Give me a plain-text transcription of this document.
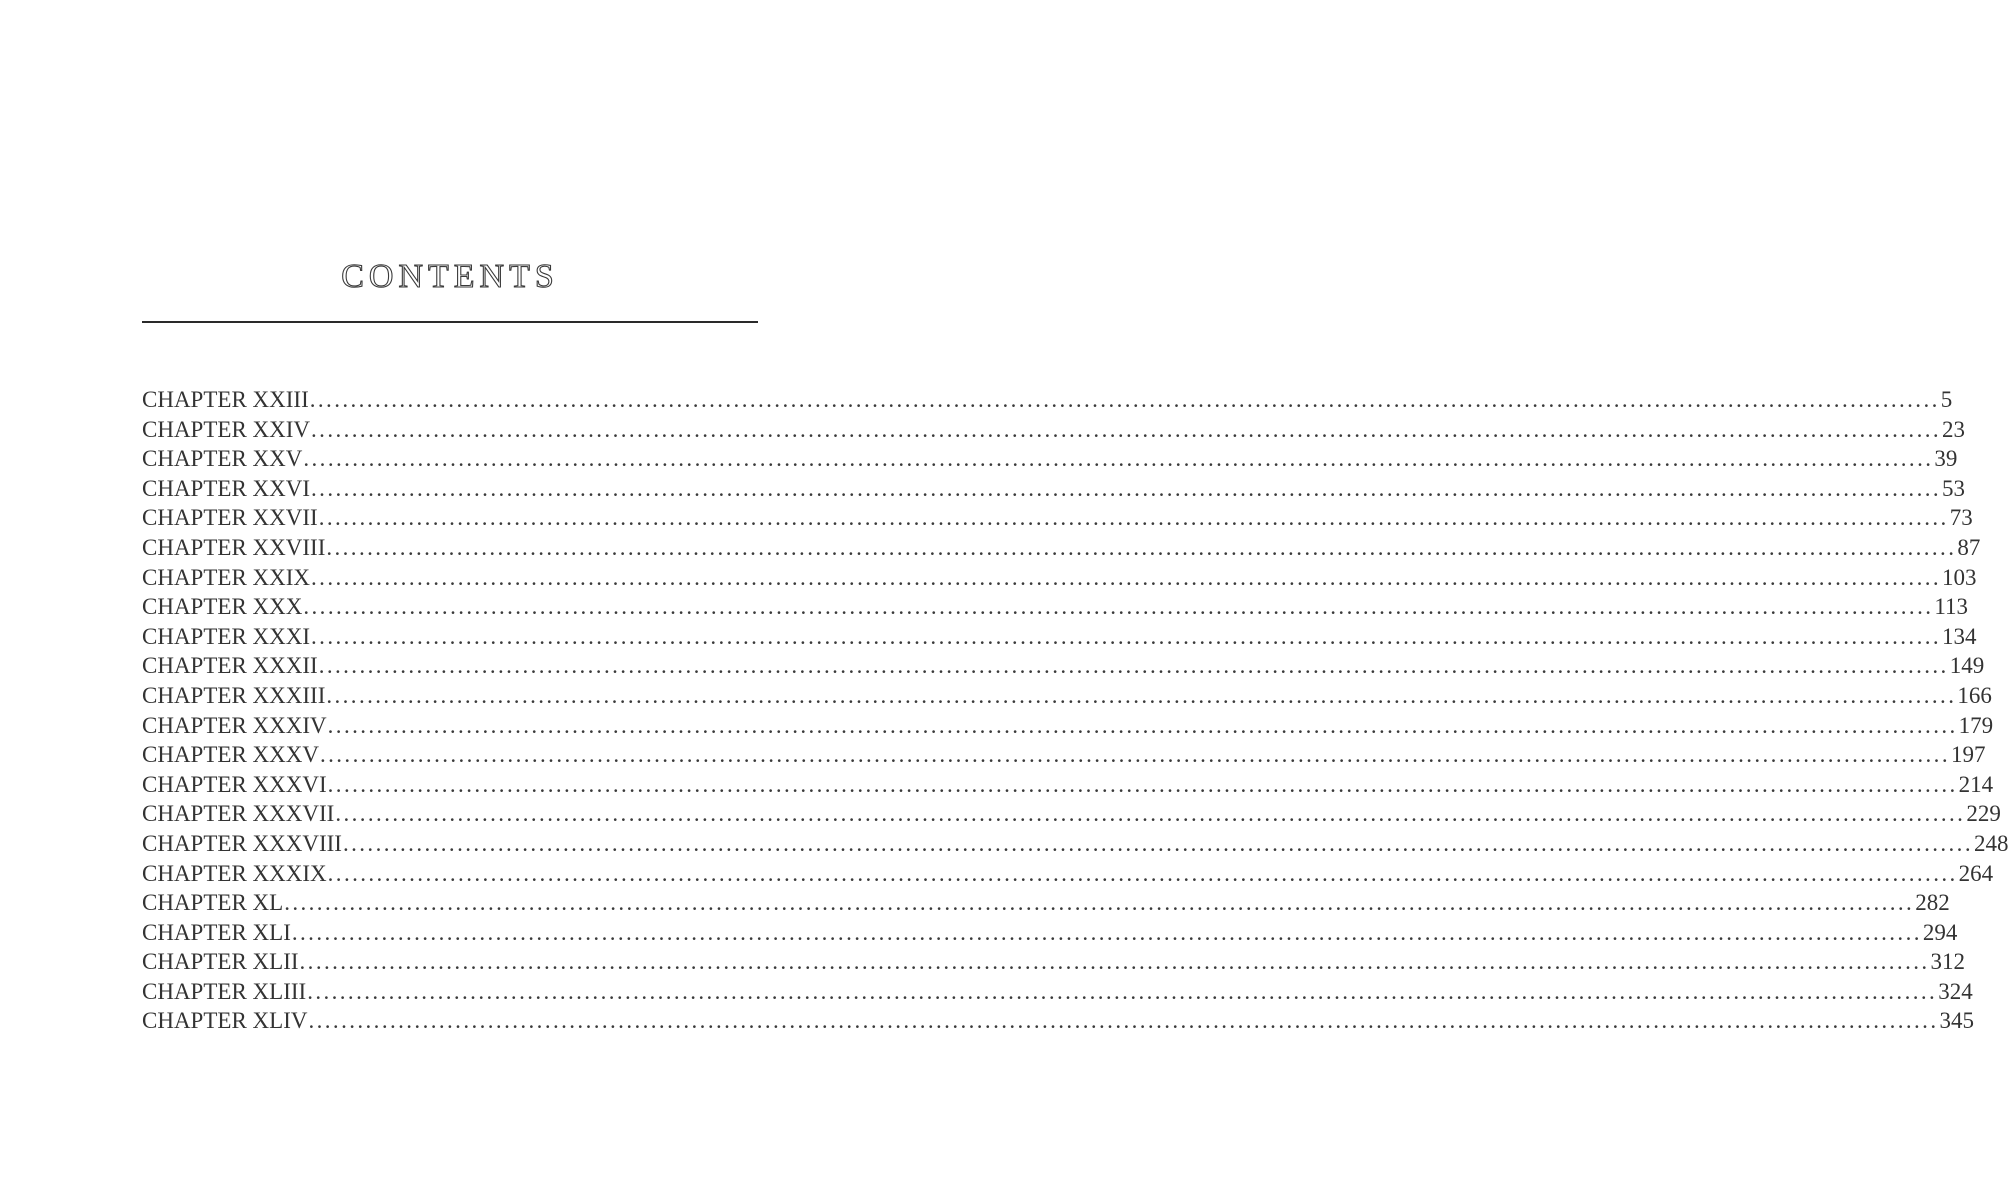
CONTENTS
CHAPTER XXIII ........................................................................................................................................................................................................ 5
CHAPTER XXIV ........................................................................................................................................................................................................ 23
CHAPTER XXV ........................................................................................................................................................................................................ 39
CHAPTER XXVI ........................................................................................................................................................................................................ 53
CHAPTER XXVII ........................................................................................................................................................................................................ 73
CHAPTER XXVIII ........................................................................................................................................................................................................ 87
CHAPTER XXIX ........................................................................................................................................................................................................ 103
CHAPTER XXX ........................................................................................................................................................................................................ 113
CHAPTER XXXI ........................................................................................................................................................................................................ 134
CHAPTER XXXII ........................................................................................................................................................................................................ 149
CHAPTER XXXIII ........................................................................................................................................................................................................ 166
CHAPTER XXXIV ........................................................................................................................................................................................................ 179
CHAPTER XXXV ........................................................................................................................................................................................................ 197
CHAPTER XXXVI ........................................................................................................................................................................................................ 214
CHAPTER XXXVII ........................................................................................................................................................................................................ 229
CHAPTER XXXVIII ........................................................................................................................................................................................................ 248
CHAPTER XXXIX ........................................................................................................................................................................................................ 264
CHAPTER XL ........................................................................................................................................................................................................ 282
CHAPTER XLI ........................................................................................................................................................................................................ 294
CHAPTER XLII ........................................................................................................................................................................................................ 312
CHAPTER XLIII ........................................................................................................................................................................................................ 324
CHAPTER XLIV ........................................................................................................................................................................................................ 345
